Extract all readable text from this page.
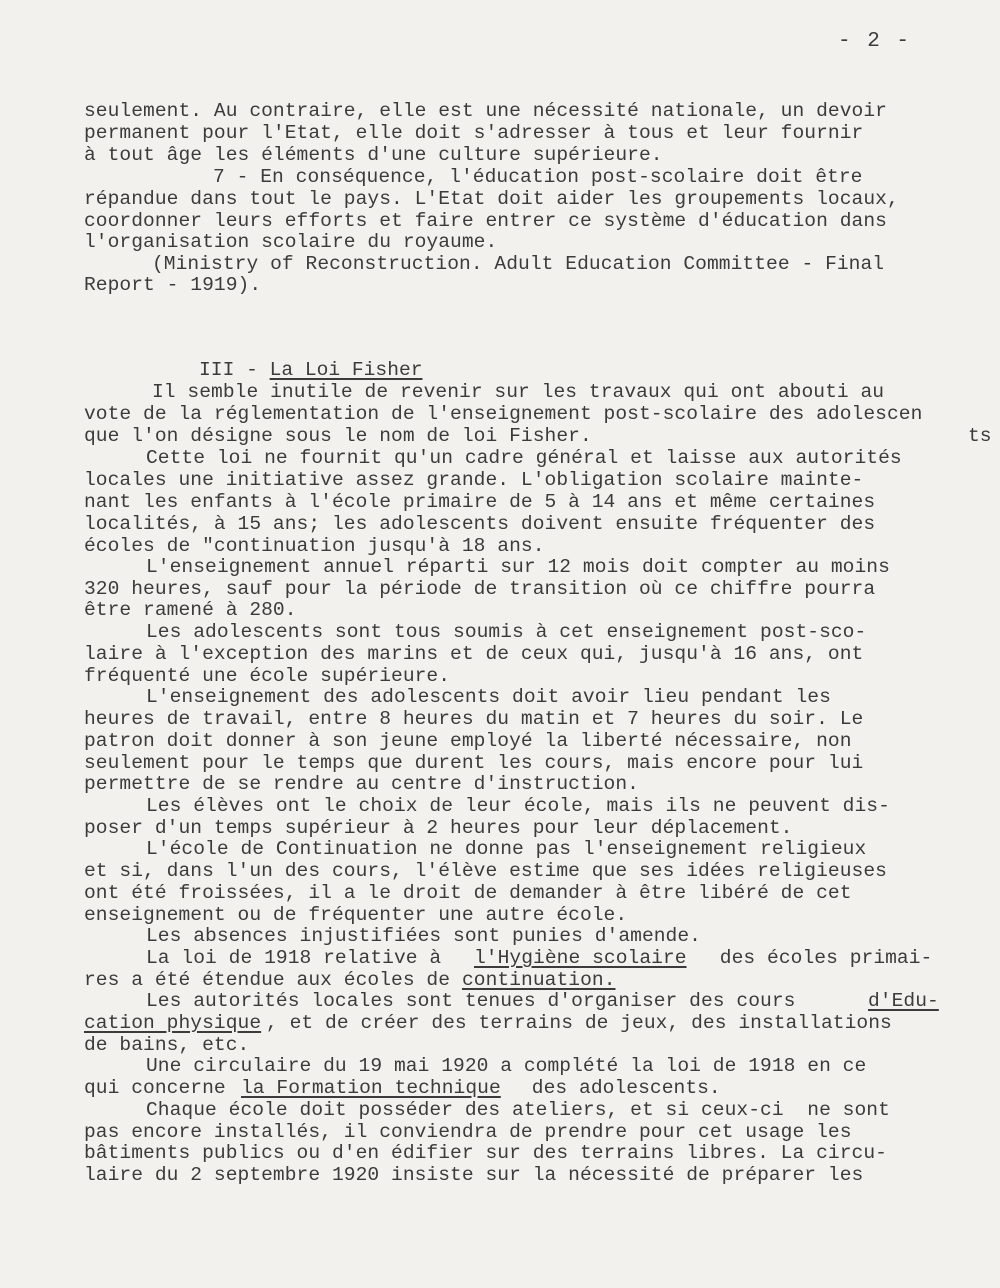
- 2 -

III - La Loi Fisher

seulement. Au contraire, elle est une nécessité nationale, un devoir
permanent pour l'Etat, elle doit s'adresser à tous et leur fournir
à tout âge les éléments d'une culture supérieure.
7 - En conséquence, l'éducation post-scolaire doit être
répandue dans tout le pays. L'Etat doit aider les groupements locaux,
coordonner leurs efforts et faire entrer ce système d'éducation dans
l'organisation scolaire du royaume.
(Ministry of Reconstruction. Adult Education Committee - Final
Report - 1919).
Il semble inutile de revenir sur les travaux qui ont abouti au
vote de la réglementation de l'enseignement post-scolaire des adolescen
que l'on désigne sous le nom de loi Fisher.	ts
Cette loi ne fournit qu'un cadre général et laisse aux autorités
locales une initiative assez grande. L'obligation scolaire mainte-
nant les enfants à l'école primaire de 5 à 14 ans et même certaines
localités, à 15 ans; les adolescents doivent ensuite fréquenter des
écoles de "continuation jusqu'à 18 ans.
L'enseignement annuel réparti sur 12 mois doit compter au moins
320 heures, sauf pour la période de transition où ce chiffre pourra
être ramené à 280.
Les adolescents sont tous soumis à cet enseignement post-sco-
laire à l'exception des marins et de ceux qui, jusqu'à 16 ans, ont
fréquenté une école supérieure.
L'enseignement des adolescents doit avoir lieu pendant les
heures de travail, entre 8 heures du matin et 7 heures du soir. Le
patron doit donner à son jeune employé la liberté nécessaire, non
seulement pour le temps que durent les cours, mais encore pour lui
permettre de se rendre au centre d'instruction.
Les élèves ont le choix de leur école, mais ils ne peuvent dis-
poser d'un temps supérieur à 2 heures pour leur déplacement.
L'école de Continuation ne donne pas l'enseignement religieux
et si, dans l'un des cours, l'élève estime que ses idées religieuses
ont été froissées, il a le droit de demander à être libéré de cet
enseignement ou de fréquenter une autre école.
Les absences injustifiées sont punies d'amende.
La loi de 1918 relative à l'Hygiène scolaire des écoles primai-
res a été étendue aux écoles de continuation.
Les autorités locales sont tenues d'organiser des cours	d'Edu-
cation physique , et de créer des terrains de jeux, des installations
de bains, etc.
Une circulaire du 19 mai 1920 a complété la loi de 1918 en ce
qui concerne la Formation technique des adolescents.
Chaque école doit posséder des ateliers, et si ceux-ci  ne sont
pas encore installés, il conviendra de prendre pour cet usage les
bâtiments publics ou d'en édifier sur des terrains libres. La circu-
laire du 2 septembre 1920 insiste sur la nécessité de préparer les
